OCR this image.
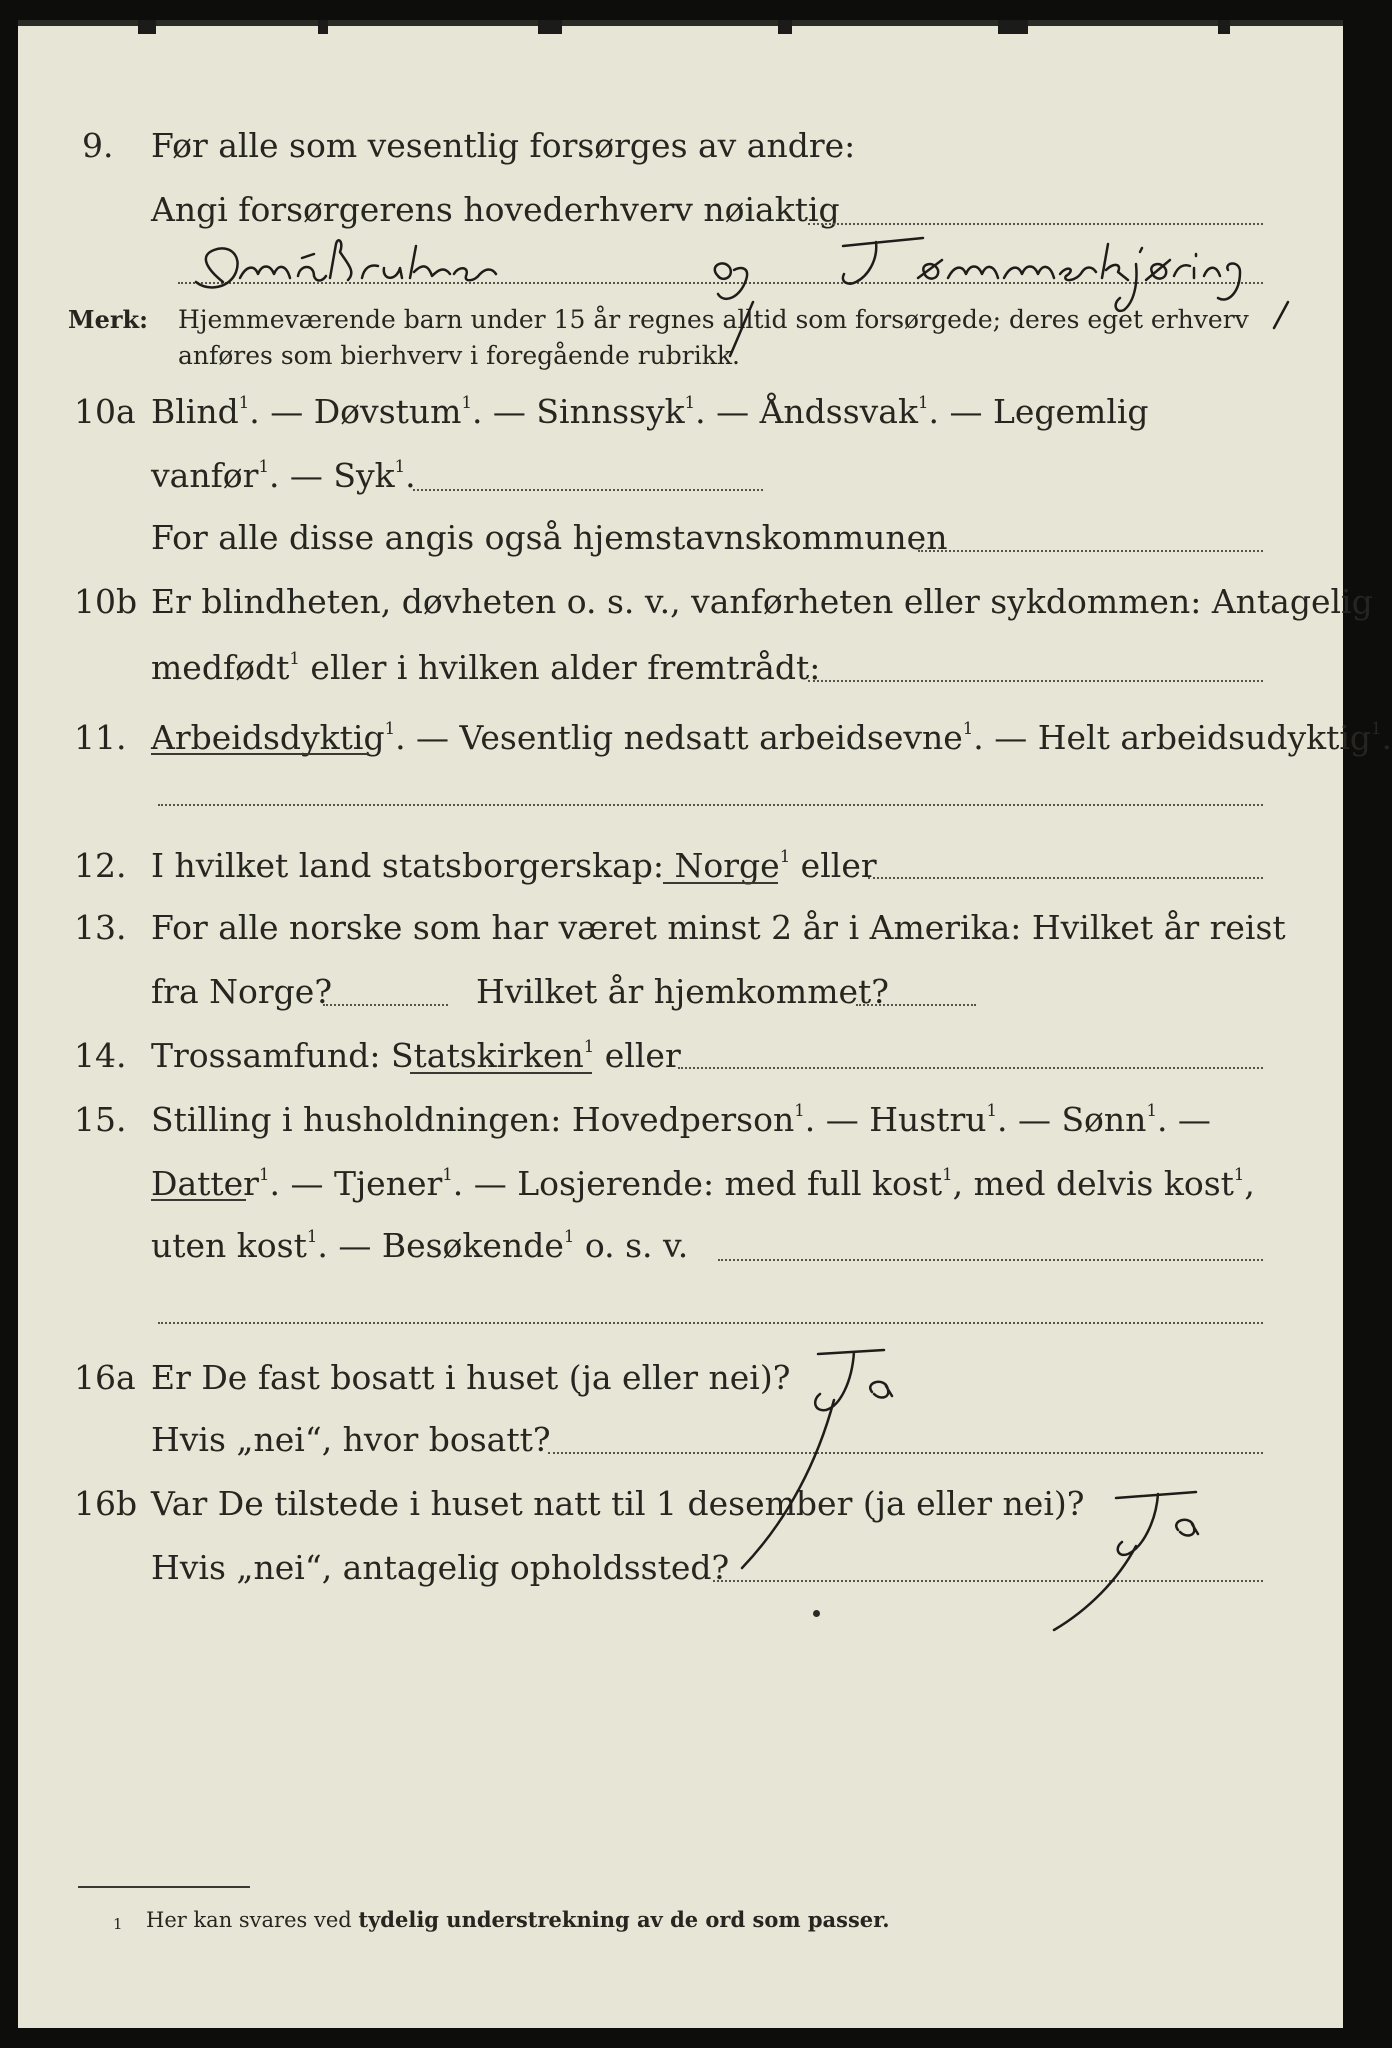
9. Før alle som vesentlig forsørges av andre:
Angi forsørgerens hovederhverv nøiaktig
Merk: Hjemmeværende barn under 15 år regnes alltid som forsørgede; deres eget erhverv
anføres som bierhverv i foregående rubrikk.
10a Blind$^1$. — Døvstum$^1$. — Sinnssyk$^1$. — Åndssvak$^1$. — Legemlig
vanfør$^1$. — Syk$^1$.
For alle disse angis også hjemstavnskommunen
10b Er blindheten, døvheten o. s. v., vanførheten eller sykdommen: Antagelig
medfødt$^1$ eller i hvilken alder fremtrådt:
11. Arbeidsdyktig$^1$. — Vesentlig nedsatt arbeidsevne$^1$. — Helt arbeidsudyktig$^1$.
12. I hvilket land statsborgerskap: Norge$^1$ eller
13. For alle norske som har været minst 2 år i Amerika: Hvilket år reist
fra Norge?	Hvilket år hjemkommet?
14. Trossamfund: Statskirken$^1$ eller
15. Stilling i husholdningen: Hovedperson$^1$. — Hustru$^1$. — Sønn$^1$. —
Datter$^1$. — Tjener$^1$. — Losjerende: med full kost$^1$, med delvis kost$^1$,
uten kost$^1$. — Besøkende$^1$ o. s. v.
16a Er De fast bosatt i huset (ja eller nei)?
Hvis „nei“, hvor bosatt?
16b Var De tilstede i huset natt til 1 desember (ja eller nei)?
Hvis „nei“, antagelig opholdssted?
1 Her kan svares ved tydelig understrekning av de ord som passer.
